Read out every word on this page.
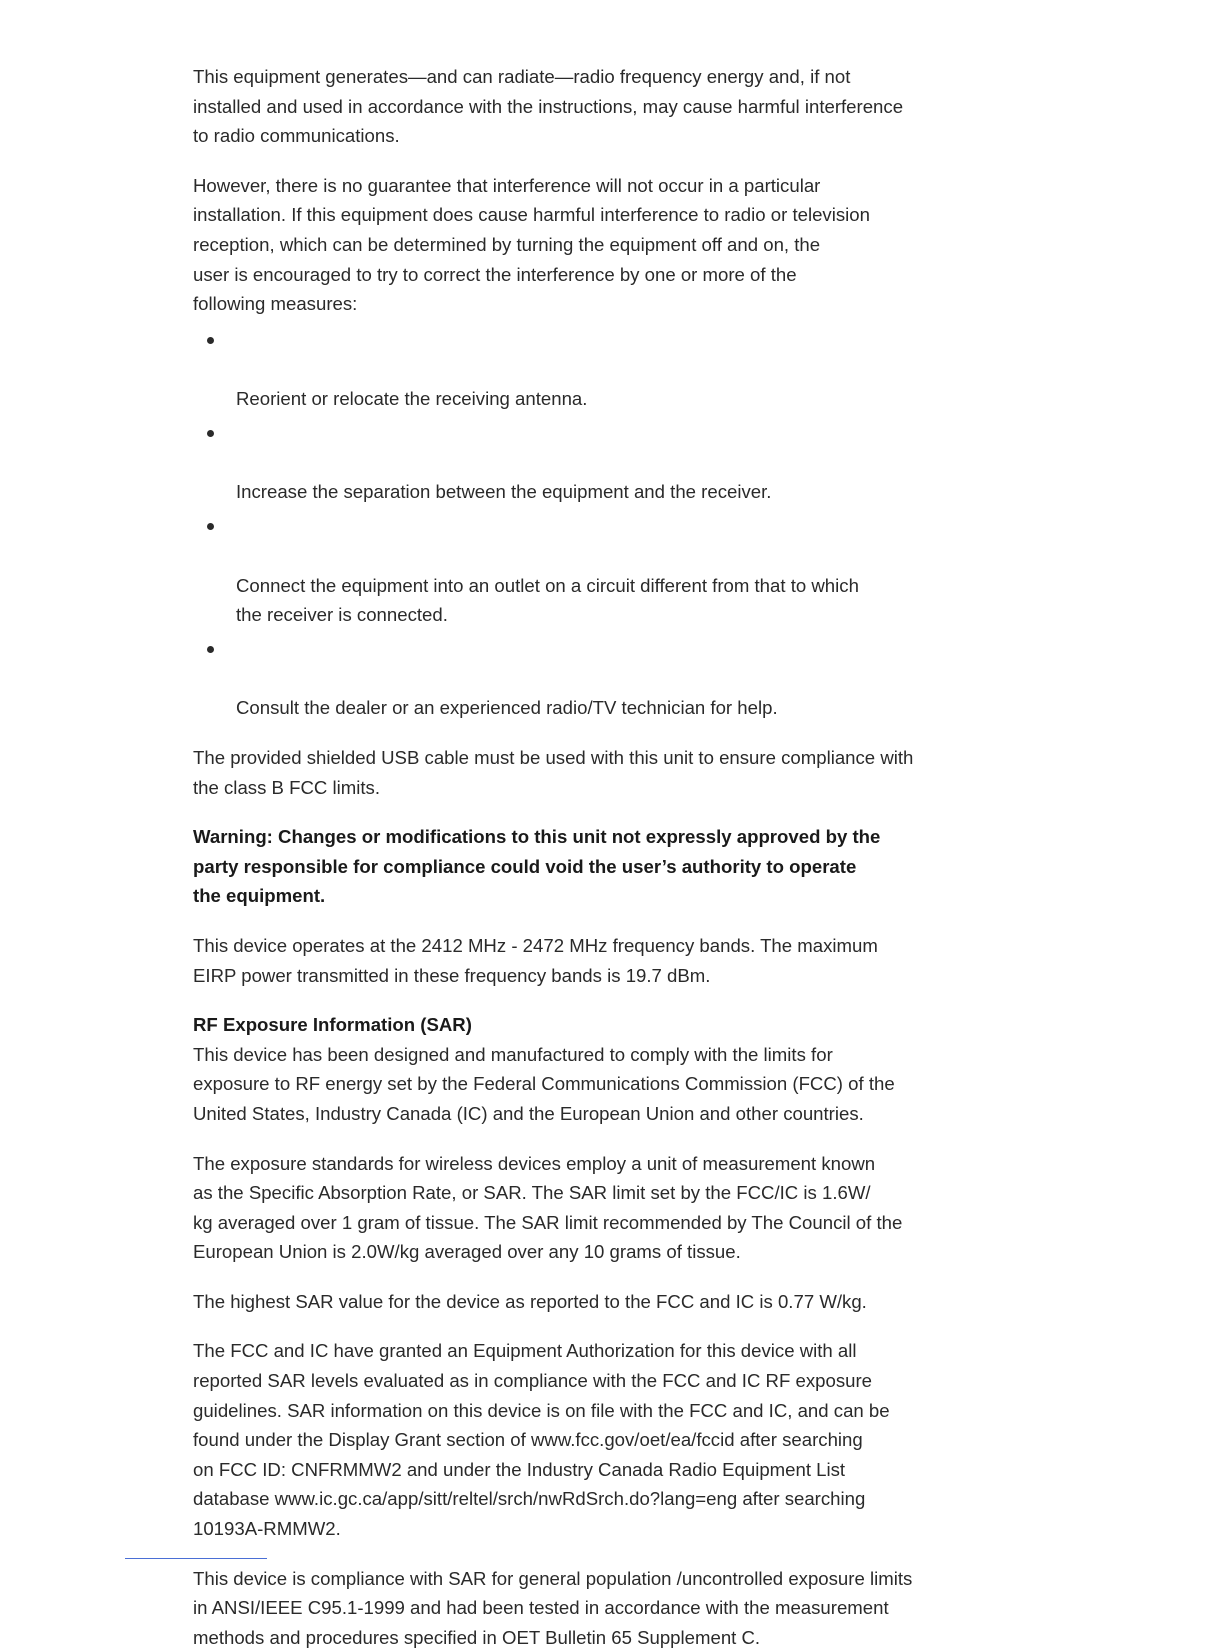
This equipment generates—and can radiate—radio frequency energy and, if not
installed and used in accordance with the instructions, may cause harmful interference
to radio communications.

However, there is no guarantee that interference will not occur in a particular
installation. If this equipment does cause harmful interference to radio or television
reception, which can be determined by turning the equipment off and on, the
user is encouraged to try to correct the interference by one or more of the
following measures:

Reorient or relocate the receiving antenna.

Increase the separation between the equipment and the receiver.

Connect the equipment into an outlet on a circuit different from that to which
the receiver is connected.

Consult the dealer or an experienced radio/TV technician for help.

The provided shielded USB cable must be used with this unit to ensure compliance with
the class B FCC limits.

Warning: Changes or modifications to this unit not expressly approved by the
party responsible for compliance could void the user’s authority to operate
the equipment.

This device operates at the 2412 MHz - 2472 MHz frequency bands. The maximum
EIRP power transmitted in these frequency bands is 19.7 dBm.

RF Exposure Information (SAR)

This device has been designed and manufactured to comply with the limits for
exposure to RF energy set by the Federal Communications Commission (FCC) of the
United States, Industry Canada (IC) and the European Union and other countries.

The exposure standards for wireless devices employ a unit of measurement known
as the Specific Absorption Rate, or SAR. The SAR limit set by the FCC/IC is 1.6W/
kg averaged over 1 gram of tissue. The SAR limit recommended by The Council of the
European Union is 2.0W/kg averaged over any 10 grams of tissue.

The highest SAR value for the device as reported to the FCC and IC is 0.77 W/kg.

The FCC and IC have granted an Equipment Authorization for this device with all
reported SAR levels evaluated as in compliance with the FCC and IC RF exposure
guidelines. SAR information on this device is on file with the FCC and IC, and can be
found under the Display Grant section of www.fcc.gov/oet/ea/fccid after searching
on FCC ID: CNFRMMW2 and under the Industry Canada Radio Equipment List
database www.ic.gc.ca/app/sitt/reltel/srch/nwRdSrch.do?lang=eng after searching
10193A-RMMW2.

This device is compliance with SAR for general population /uncontrolled exposure limits
in ANSI/IEEE C95.1-1999 and had been tested in accordance with the measurement
methods and procedures specified in OET Bulletin 65 Supplement C.
